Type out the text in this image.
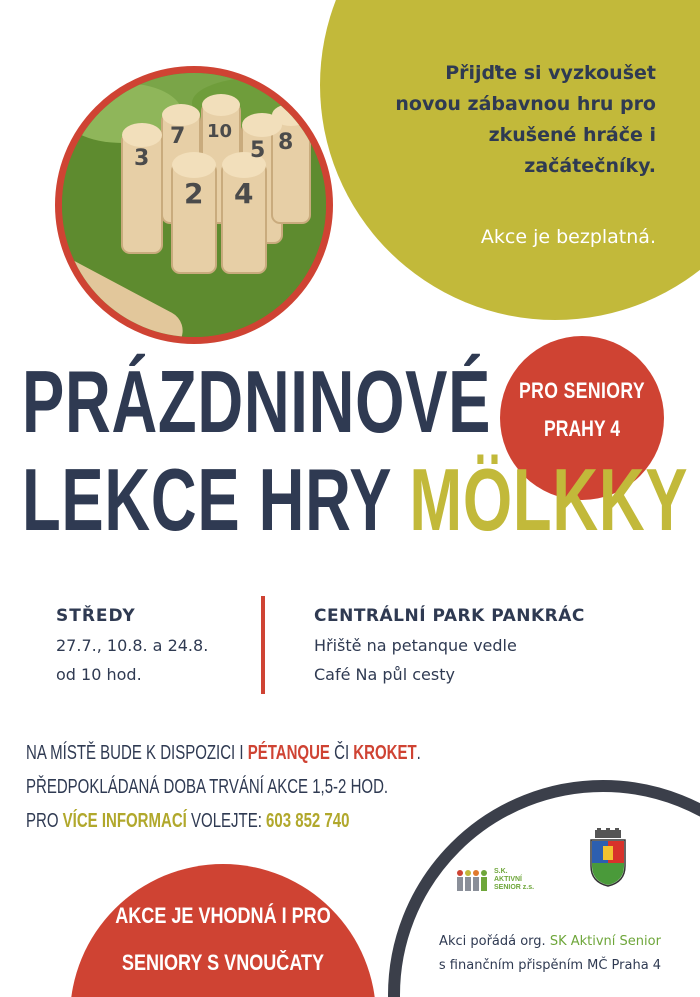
Přijďte si vyzkoušet
novou zábavnou hru pro
zkušené hráče i
začátečníky.
Akce je bezplatná.
3
7 10
5 8
2 4
PRO SENIORY
PRAHY 4
PRÁZDNINOVÉ
LEKCE HRY MÖLKKY
STŘEDY
27.7., 10.8. a 24.8.
od 10 hod.
CENTRÁLNÍ PARK PANKRÁC
Hřiště na petanque vedle
Café Na půl cesty
NA MÍSTĚ BUDE K DISPOZICI I PÉTANQUE ČI KROKET.
PŘEDPOKLÁDANÁ DOBA TRVÁNÍ AKCE 1,5-2 HOD.
PRO VÍCE INFORMACÍ VOLEJTE: 603 852 740
S.K.
AKTIVNÍ
SENIOR z.s.
Akci pořádá org. SK Aktivní Senior
s finančním přispěním MČ Praha 4
AKCE JE VHODNÁ I PRO
SENIORY S VNOUČATY
